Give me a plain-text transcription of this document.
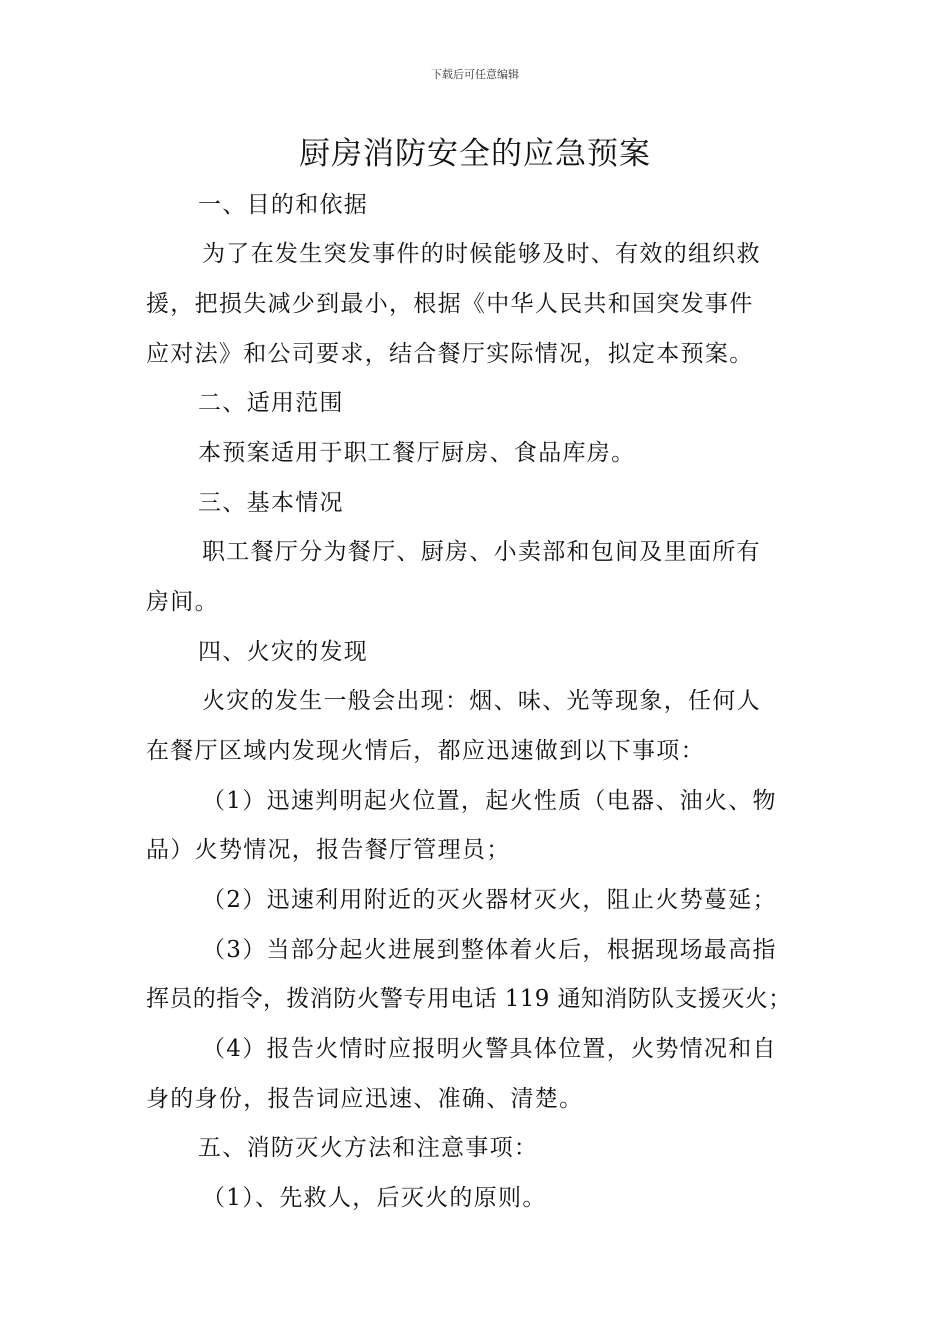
下载后可任意编辑
厨房消防安全的应急预案
一、目的和依据
为了在发生突发事件的时候能够及时、有效的组织救
援，把损失减少到最小，根据《中华人民共和国突发事件
应对法》和公司要求，结合餐厅实际情况，拟定本预案。
二、适用范围
本预案适用于职工餐厅厨房、食品库房。
三、基本情况
职工餐厅分为餐厅、厨房、小卖部和包间及里面所有
房间。
四、火灾的发现
火灾的发生一般会出现：烟、味、光等现象，任何人
在餐厅区域内发现火情后，都应迅速做到以下事项：
（1）迅速判明起火位置，起火性质（电器、油火、物
品）火势情况，报告餐厅管理员；
（2）迅速利用附近的灭火器材灭火，阻止火势蔓延；
（3）当部分起火进展到整体着火后，根据现场最高指
挥员的指令，拨消防火警专用电话 119 通知消防队支援灭火；
（4）报告火情时应报明火警具体位置，火势情况和自
身的身份，报告词应迅速、准确、清楚。
五、消防灭火方法和注意事项：
（1）、先救人，后灭火的原则。
